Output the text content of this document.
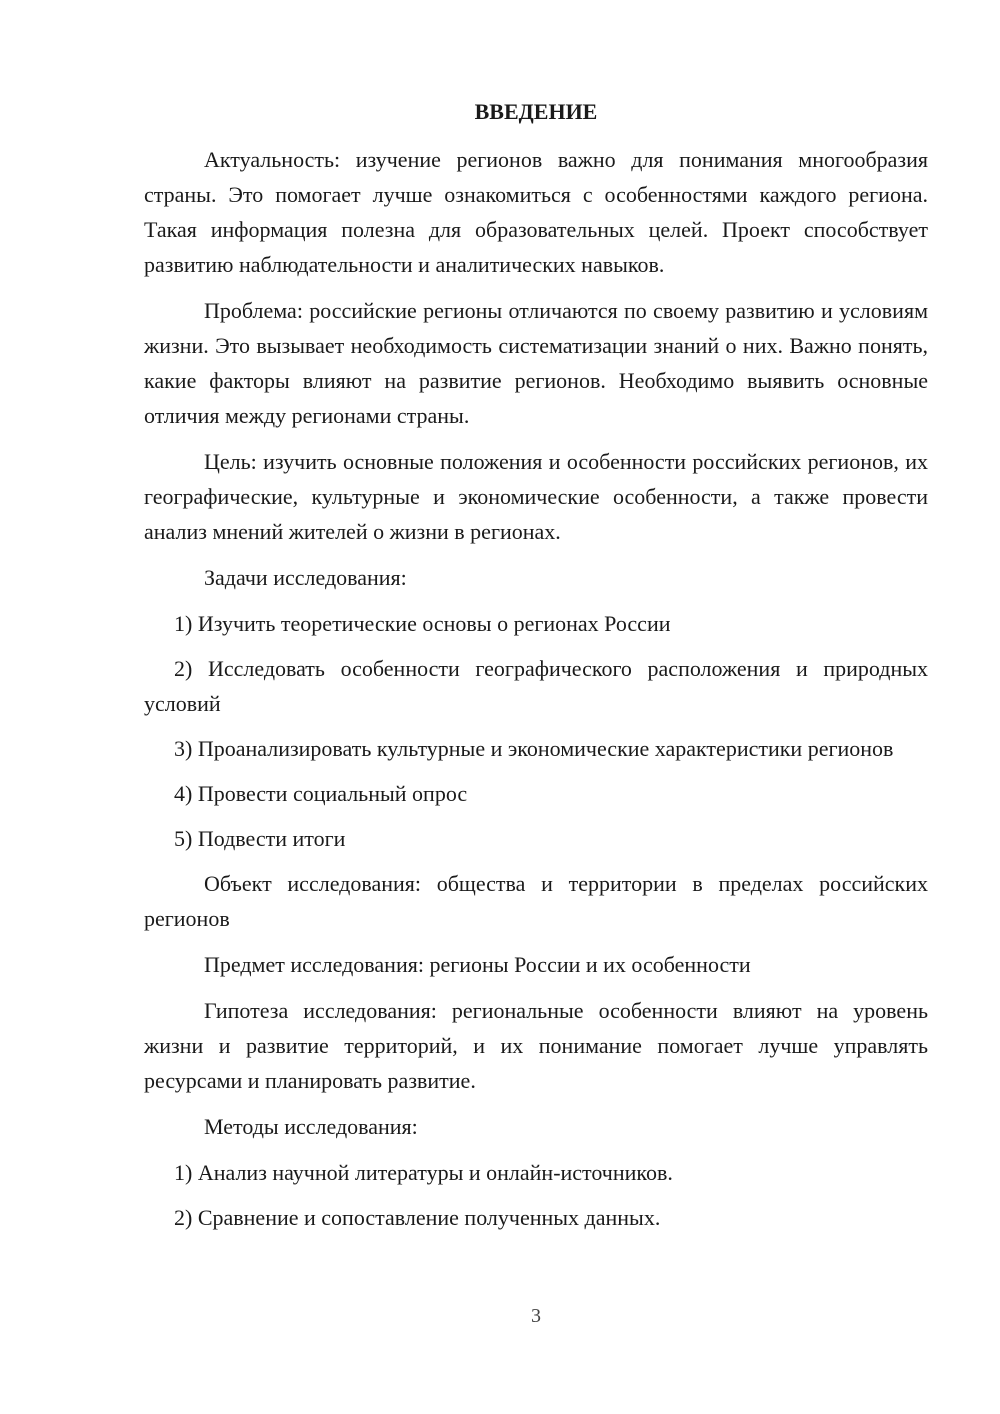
ВВЕДЕНИЕ

Актуальность: изучение регионов важно для понимания многообразия страны. Это помогает лучше ознакомиться с особенностями каждого региона. Такая информация полезна для образовательных целей. Проект способствует развитию наблюдательности и аналитических навыков.

Проблема: российские регионы отличаются по своему развитию и условиям жизни. Это вызывает необходимость систематизации знаний о них. Важно понять, какие факторы влияют на развитие регионов. Необходимо выявить основные отличия между регионами страны.

Цель: изучить основные положения и особенности российских регионов, их географические, культурные и экономические особенности, а также провести анализ мнений жителей о жизни в регионах.

Задачи исследования:

1) Изучить теоретические основы о регионах России

2) Исследовать особенности географического расположения и природных условий

3) Проанализировать культурные и экономические характеристики регионов

4) Провести социальный опрос

5) Подвести итоги

Объект исследования: общества и территории в пределах российских регионов

Предмет исследования: регионы России и их особенности

Гипотеза исследования: региональные особенности влияют на уровень жизни и развитие территорий, и их понимание помогает лучше управлять ресурсами и планировать развитие.

Методы исследования:

1) Анализ научной литературы и онлайн-источников.

2) Сравнение и сопоставление полученных данных.

3
